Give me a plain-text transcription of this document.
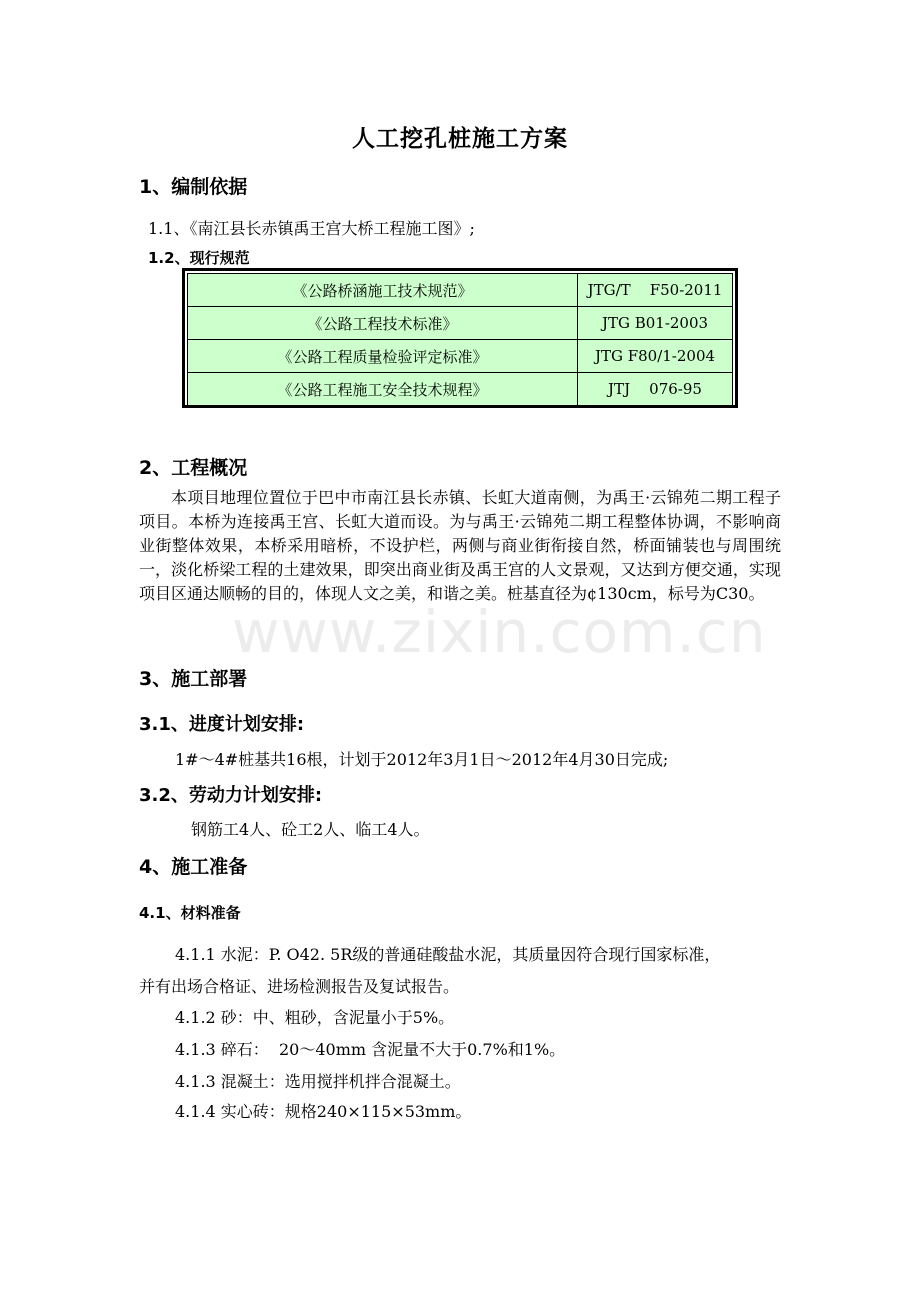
www.zixin.com.cn
人工挖孔桩施工方案
1、编制依据
1.1、《南江县长赤镇禹王宫大桥工程施工图》;
1.2、现行规范
《公路桥涵施工技术规范》	JTG/T    F50-2011
《公路工程技术标准》	JTG B01-2003
《公路工程质量检验评定标准》	JTG F80/1-2004
《公路工程施工安全技术规程》	JTJ    076-95
2、工程概况
本项目地理位置位于巴中市南江县长赤镇、长虹大道南侧，为禹王·云锦苑二期工程子项目。本桥为连接禹王宫、长虹大道而设。为与禹王·云锦苑二期工程整体协调，不影响商业街整体效果，本桥采用暗桥，不设护栏，两侧与商业街衔接自然，桥面铺装也与周围统一，淡化桥梁工程的土建效果，即突出商业街及禹王宫的人文景观，又达到方便交通，实现项目区通达顺畅的目的，体现人文之美，和谐之美。桩基直径为¢130cm，标号为C30。
3、施工部署
3.1、进度计划安排:
1#～4#桩基共16根，计划于2012年3月1日～2012年4月30日完成;
3.2、劳动力计划安排:
钢筋工4人、砼工2人、临工4人。
4、施工准备
4.1、材料准备
4.1.1 水泥：P. O42. 5R级的普通硅酸盐水泥，其质量因符合现行国家标准，
并有出场合格证、进场检测报告及复试报告。
4.1.2 砂：中、粗砂，含泥量小于5%。
4.1.3 碎石：  20～40mm 含泥量不大于0.7%和1%。
4.1.3 混凝土：选用搅拌机拌合混凝土。
4.1.4 实心砖：规格240×115×53mm。
